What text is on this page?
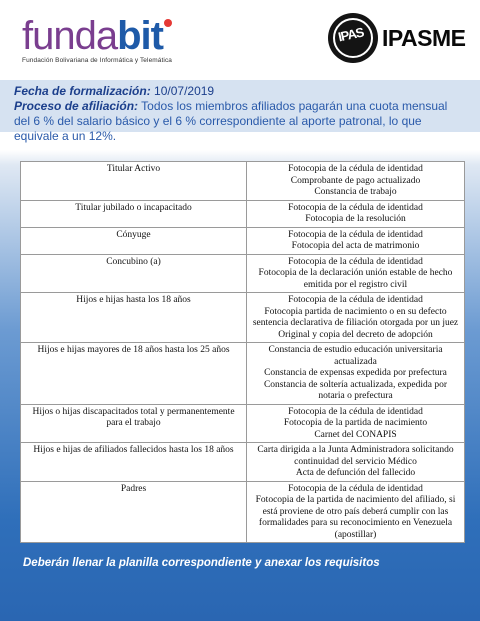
fundabit
Fundación Bolivariana de Informática y Telemática
IPAS IPASME
Fecha de formalización: 10/07/2019
Proceso de afiliación: Todos los miembros afiliados pagarán una cuota mensual del 6 % del salario básico y el 6 % correspondiente al aporte patronal, lo que equivale a un 12%.
Titular Activo	Fotocopia de la cédula de identidad
Comprobante de pago actualizado
Constancia de trabajo

Titular jubilado o incapacitado	Fotocopia de la cédula de identidad
Fotocopia de la resolución

Cónyuge	Fotocopia de la cédula de identidad
Fotocopia del acta de matrimonio

Concubino (a)	Fotocopia de la cédula de identidad
Fotocopia de la declaración unión estable de hecho emitida por el registro civil

Hijos e hijas hasta los 18 años	Fotocopia de la cédula de identidad
Fotocopia partida de nacimiento o en su defecto sentencia declarativa de filiación otorgada por un juez
Original y copia del decreto de adopción

Hijos e hijas mayores de 18 años hasta los 25 años	Constancia de estudio educación universitaria actualizada
Constancia de expensas expedida por prefectura
Constancia de soltería actualizada, expedida por notaria o prefectura

Hijos o hijas discapacitados total y permanentemente para el trabajo	Fotocopia de la cédula de identidad
Fotocopia de la partida de nacimiento
Carnet del CONAPIS

Hijos e hijas de afiliados fallecidos hasta los 18 años	Carta dirigida a la Junta Administradora solicitando continuidad del servicio Médico
Acta de defunción del fallecido

Padres	Fotocopia de la cédula de identidad
Fotocopia de la partida de nacimiento del afiliado, si está proviene de otro país deberá cumplir con las formalidades para su reconocimiento en Venezuela (apostillar)
Deberán llenar la planilla correspondiente y anexar los requisitos
